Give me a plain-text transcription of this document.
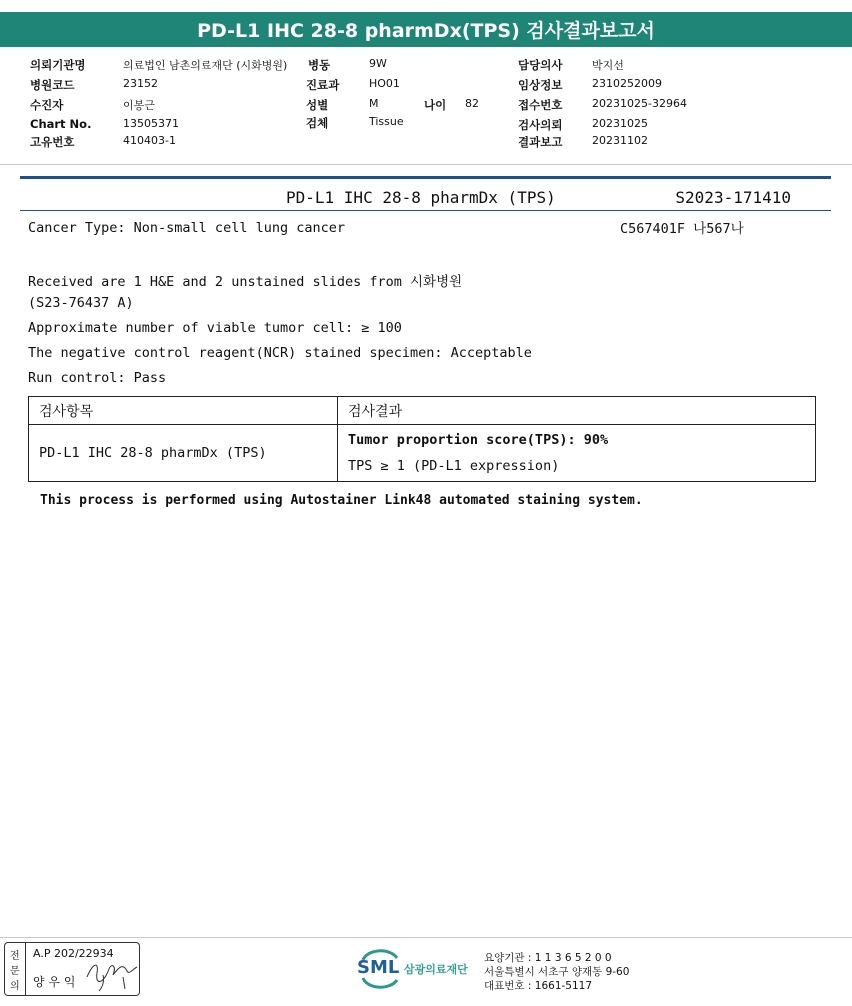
PD-L1 IHC 28-8 pharmDx(TPS) 검사결과보고서
의뢰기관명	의료법인 남촌의료재단 (시화병원)
병원코드	23152
수진자	이봉근
Chart No.	13505371
고유번호	410403-1
병동	9W
진료과	HO01
성별	M	나이 82
검체	Tissue
담당의사	박지선
임상정보	2310252009
접수번호	20231025-32964
검사의뢰	20231025
결과보고	20231102
PD-L1 IHC 28-8 pharmDx (TPS)	S2023-171410
Cancer Type: Non-small cell lung cancer	C567401F 나567나
Received are 1 H&E and 2 unstained slides from 시화병원
(S23-76437 A)
Approximate number of viable tumor cell: ≥ 100
The negative control reagent(NCR) stained specimen: Acceptable
Run control: Pass
검사항목	검사결과
PD-L1 IHC 28-8 pharmDx (TPS)	Tumor proportion score(TPS): 90%
TPS ≥ 1 (PD-L1 expression)
This process is performed using Autostainer Link48 automated staining system.
전
문
의
A.P 202/22934
양 우 익
SML 삼광의료재단
요양기관 : 1 1 3 6 5 2 0 0
서울특별시 서초구 양재동 9-60
대표번호 : 1661-5117
